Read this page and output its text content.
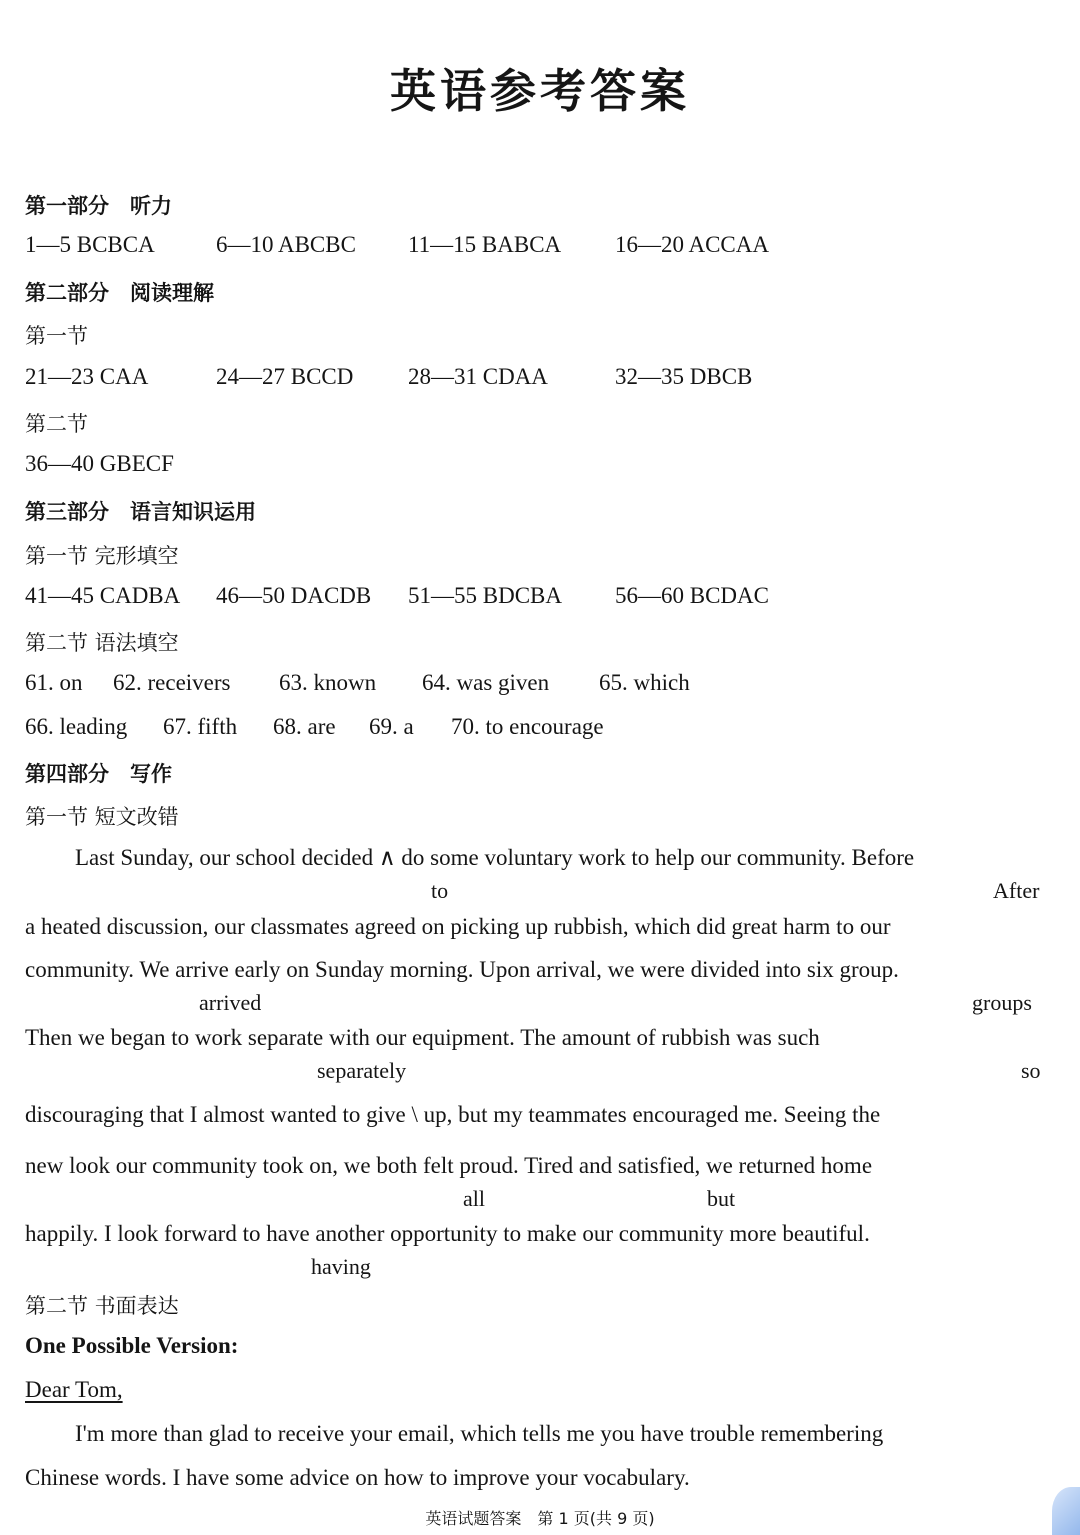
英语参考答案
第一部分　听力
1—5 BCBCA	6—10 ABCBC 11—15 BABCA 16—20 ACCAA
第二部分　阅读理解
第一节
21—23 CAA	24—27 BCCD 28—31 CDAA	32—35 DBCB
第二节
36—40 GBECF
第三部分　语言知识运用
第一节 完形填空
41—45 CADBA 46—50 DACDB 51—55 BDCBA 56—60 BCDAC
第二节 语法填空
61. on 62. receivers 63. known 64. was given 65. which
66. leading 67. fifth 68. are 69. a 70. to encourage
第四部分　写作
第一节 短文改错
Last Sunday, our school decided ∧ do some voluntary work to help our community. Before
to	After
a heated discussion, our classmates agreed on picking up rubbish, which did great harm to our
community. We arrive early on Sunday morning. Upon arrival, we were divided into six group.
arrived	groups
Then we began to work separate with our equipment. The amount of rubbish was such
separately	so
discouraging that I almost wanted to give \ up, but my teammates encouraged me. Seeing the
new look our community took on, we both felt proud. Tired and satisfied, we returned home
all	but
happily. I look forward to have another opportunity to make our community more beautiful.
having
第二节 书面表达
One Possible Version:
Dear Tom,
I'm more than glad to receive your email, which tells me you have trouble remembering
Chinese words. I have some advice on how to improve your vocabulary.
英语试题答案　第 1 页(共 9 页)
